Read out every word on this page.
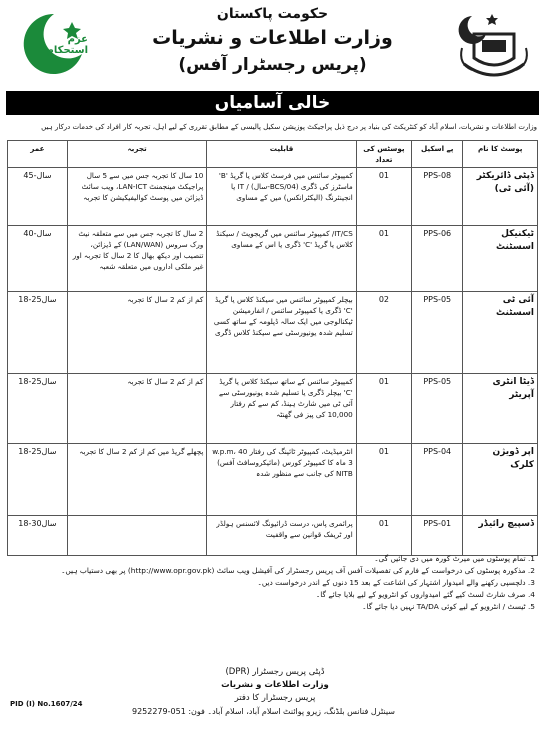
عزم استحکام
حکومت پاکستان
وزارت اطلاعات و نشریات
(پریس رجسٹرار آفس)
خالی آسامیاں
وزارت اطلاعات و نشریات، اسلام آباد کو کنٹریکٹ کی بنیاد پر درج ذیل پراجیکٹ پوزیشن سکیل پالیسی کے مطابق تقرری کے لیے اہل، تجربہ کار افراد کی خدمات درکار ہیں
پوسٹ کا نام	پے اسکیل	پوسٹس کی تعداد	قابلیت	تجربہ	عمر
ڈپٹی ڈائریکٹر (آئی ٹی)	PPS-08	01	کمپیوٹر سائنس میں فرسٹ کلاس یا گریڈ 'B' ماسٹرز کی ڈگری (BCS/04-سال) / IT یا انجینئرنگ (الیکٹرانکس) میں کے مساوی	10 سال کا تجربہ جس میں سے 5 سال پراجیکٹ مینجمنٹ LAN-ICT، ویب سائٹ ڈیزائن میں پوسٹ کوالیفیکیشن کا تجربہ	45-سال
ٹیکنیکل اسسٹنٹ	PPS-06	01	IT/CS/ کمپیوٹر سائنس میں گریجویٹ / سیکنڈ کلاس یا گریڈ 'C' ڈگری یا اس کے مساوی	2 سال کا تجربہ جس میں سے متعلقہ نیٹ ورک سروس (LAN/WAN) کے ڈیزائن، تنصیب اور دیکھ بھال کا 2 سال کا تجربہ اور غیر ملکی اداروں میں متعلقہ شعبہ	40-سال
آئی ٹی اسسٹنٹ	PPS-05	02	بیچلر کمپیوٹر سائنس میں سیکنڈ کلاس یا گریڈ 'C' ڈگری یا کمپیوٹر سائنس / انفارمیشن ٹیکنالوجی میں ایک سالہ ڈپلومہ کے ساتھ کسی تسلیم شدہ یونیورسٹی سے سیکنڈ کلاس ڈگری	کم از کم 2 سال کا تجربہ	18-25سال
ڈیٹا انٹری آپریٹر	PPS-05	01	کمپیوٹر سائنس کے ساتھ سیکنڈ کلاس یا گریڈ 'C' بیچلر ڈگری یا تسلیم شدہ یونیورسٹی سے آئی ٹی میں شارٹ ہینڈ، کم سے کم رفتار 10,000 کی پیز فی گھنٹہ	کم از کم 2 سال کا تجربہ	18-25سال
اپر ڈویژن کلرک	PPS-04	01	انٹرمیڈیٹ، کمپیوٹر ٹائپنگ کی رفتار 40 w.p.m، 3 ماہ کا کمپیوٹر کورس (مائیکروسافٹ آفس) NITB کی جانب سے منظور شدہ	پچھلے گریڈ میں کم از کم 2 سال کا تجربہ	18-25سال
ڈسپیچ رائیڈر	PPS-01	01	پرائمری پاس، درست ڈرائیونگ لائسنس ہولڈر اور ٹریفک قوانین سے واقفیت		18-30سال
1. تمام پوسٹوں میں میرٹ کورہ میں دی جائیں گی۔
2. مذکورہ پوسٹوں کی درخواست کے فارم کی تفصیلات آفس آف پریس رجسٹرار کی آفیشل ویب سائٹ (http://www.opr.gov.pk) پر بھی دستیاب ہیں۔
3. دلچسپی رکھنے والے امیدوار اشتہار کی اشاعت کے بعد 15 دنوں کے اندر درخواست دیں۔
4. صرف شارٹ لسٹ کیے گئے امیدواروں کو انٹرویو کے لیے بلایا جائے گا۔
5. ٹیسٹ / انٹرویو کے لیے کوئی TA/DA نہیں دیا جائے گا۔
ڈپٹی پریس رجسٹرار (DPR)
وزارت اطلاعات و نشریات
پریس رجسٹرار کا دفتر
سینٹرل فنانس بلڈنگ، زیرو پوائنٹ اسلام آباد، اسلام آباد۔ فون: 051-9252279
PID (I) No.1607/24
